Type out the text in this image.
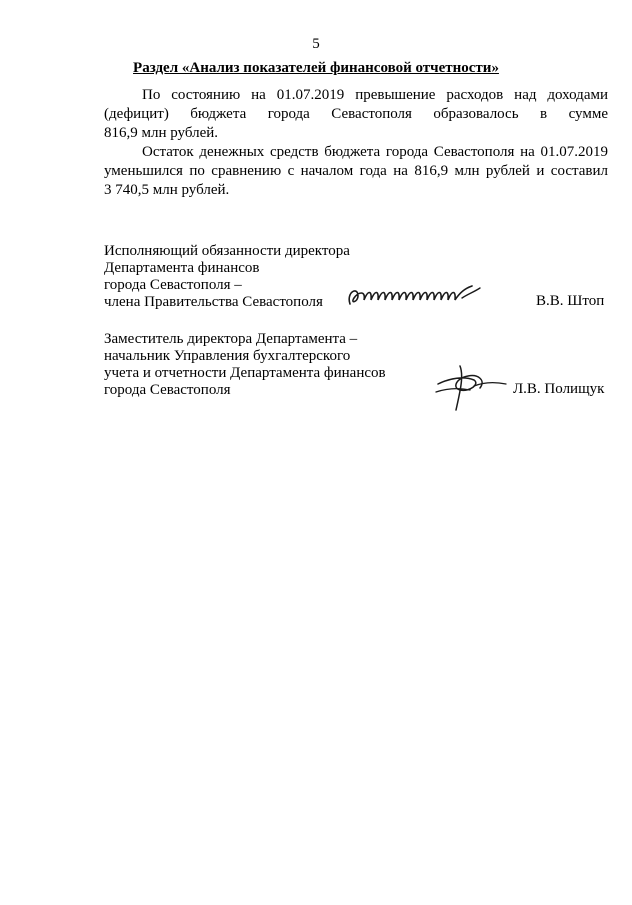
5
Раздел «Анализ показателей финансовой отчетности»
По состоянию на 01.07.2019 превышение расходов над доходами
(дефицит) бюджета города Севастополя образовалось в сумме
816,9 млн рублей.
Остаток денежных средств бюджета города Севастополя на 01.07.2019
уменьшился по сравнению с началом года на 816,9 млн рублей и составил
3 740,5 млн рублей.
Исполняющий обязанности директора
Департамента финансов
города Севастополя –
члена Правительства Севастополя	В.В. Штоп
Заместитель директора Департамента –
начальник Управления бухгалтерского
учета и отчетности Департамента финансов
города Севастополя	Л.В. Полищук
